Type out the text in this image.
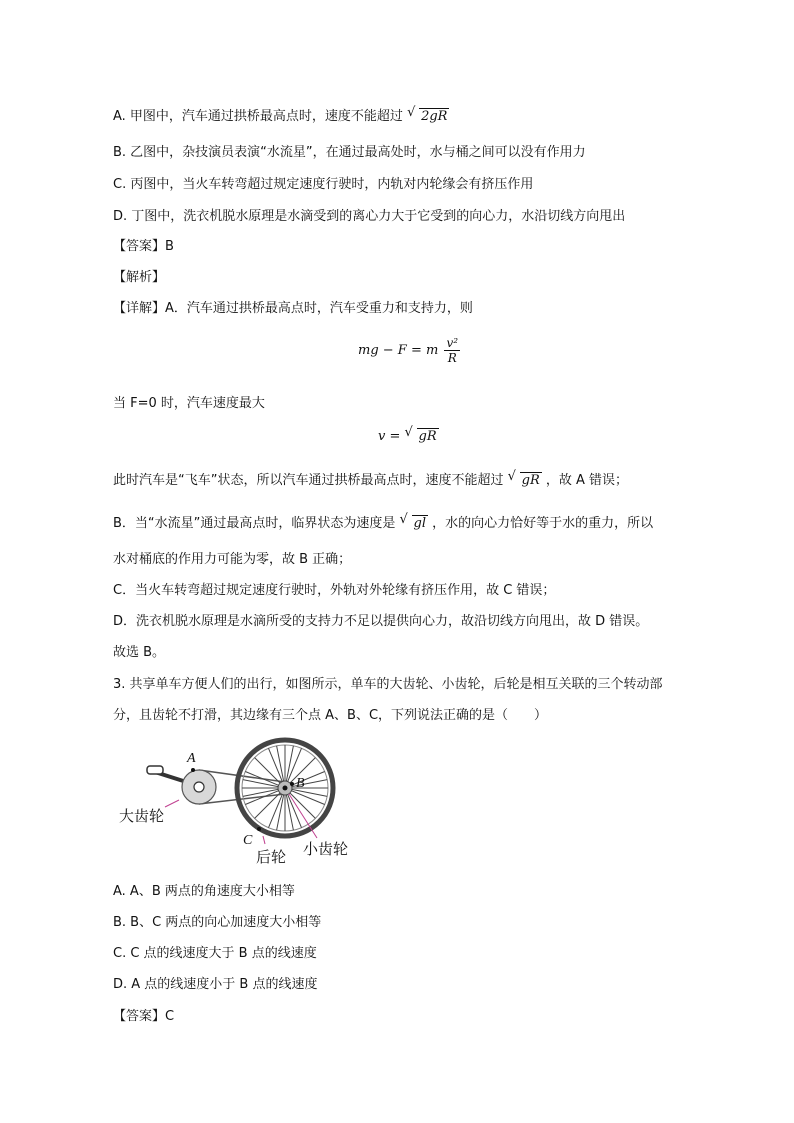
A. 甲图中，汽车通过拱桥最高点时，速度不能超过 √ 2gR
B. 乙图中，杂技演员表演“水流星”，在通过最高处时，水与桶之间可以没有作用力
C. 丙图中，当火车转弯超过规定速度行驶时，内轨对内轮缘会有挤压作用
D. 丁图中，洗衣机脱水原理是水滴受到的离心力大于它受到的向心力，水沿切线方向甩出
【答案】B
【解析】
【详解】A．汽车通过拱桥最高点时，汽车受重力和支持力，则
mg − F = m $\frac{\text{v²}}{R}$
当 F=0 时，汽车速度最大
v = √ gR
此时汽车是“飞车”状态，所以汽车通过拱桥最高点时，速度不能超过 √ gR ，故 A 错误；
B．当“水流星”通过最高点时，临界状态为速度是 √ gl ，水的向心力恰好等于水的重力，所以
水对桶底的作用力可能为零，故 B 正确；
C．当火车转弯超过规定速度行驶时，外轨对外轮缘有挤压作用，故 C 错误；
D．洗衣机脱水原理是水滴所受的支持力不足以提供向心力，故沿切线方向甩出，故 D 错误。
故选 B。
3. 共享单车方便人们的出行，如图所示，单车的大齿轮、小齿轮，后轮是相互关联的三个转动部
分，且齿轮不打滑，其边缘有三个点 A、B、C，下列说法正确的是（　　）
A
B
C
大齿轮
后轮 小齿轮
A. A、B 两点的角速度大小相等
B. B、C 两点的向心加速度大小相等
C. C 点的线速度大于 B 点的线速度
D. A 点的线速度小于 B 点的线速度
【答案】C
